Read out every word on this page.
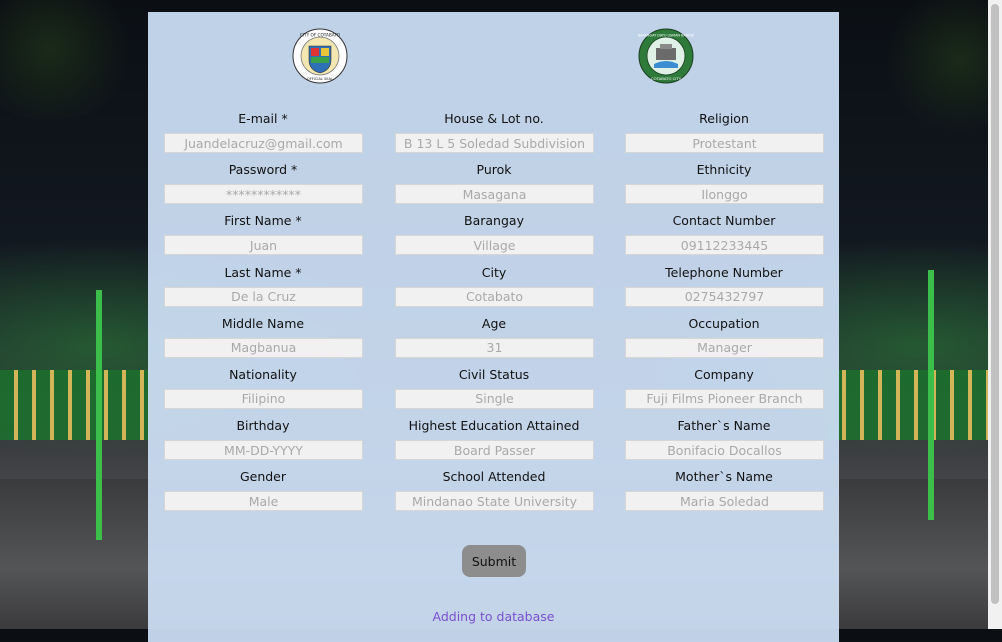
CITY OF COTABATO
OFFICIAL SEAL
BARANGAY DATU USMAN BARODI
COTABATO CITY
E-mail *
Juandelacruz@gmail.com
Password *
************
First Name *
Juan
Last Name *
De la Cruz
Middle Name
Magbanua
Nationality
Filipino
Birthday
MM-DD-YYYY
Gender
Male
House & Lot no.
B 13 L 5 Soledad Subdivision
Purok
Masagana
Barangay
Village
City
Cotabato
Age
31
Civil Status
Single
Highest Education Attained
Board Passer
School Attended
Mindanao State University
Religion
Protestant
Ethnicity
Ilonggo
Contact Number
09112233445
Telephone Number
0275432797
Occupation
Manager
Company
Fuji Films Pioneer Branch
Father`s Name
Bonifacio Docallos
Mother`s Name
Maria Soledad
Submit
Adding to database
